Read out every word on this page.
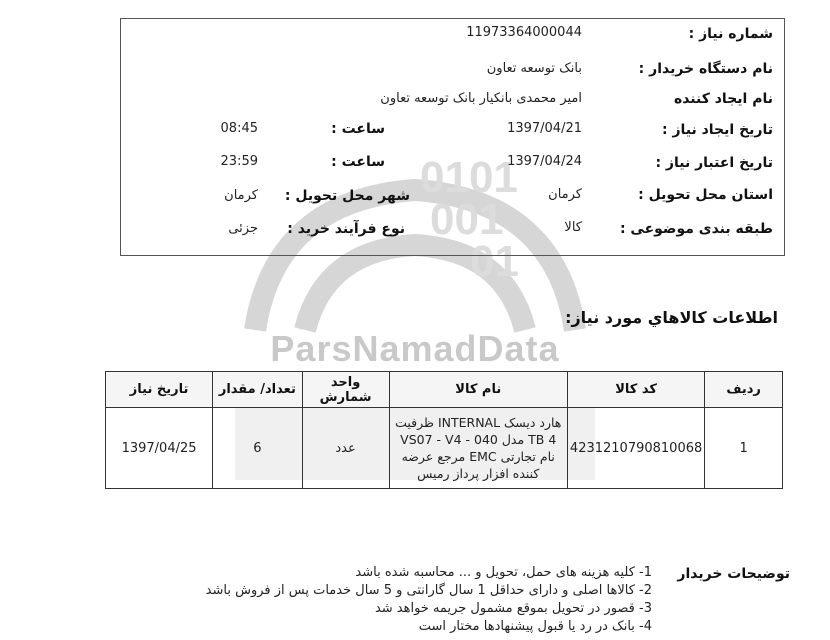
0101
001
01
ParsNamadData
شماره نیاز :
11973364000044
نام دستگاه خریدار :
بانک توسعه تعاون
نام ایجاد کننده
امیر محمدی بانکیار بانک توسعه تعاون
تاریخ ایجاد نیاز :
1397/04/21
ساعت :
08:45
تاریخ اعتبار نیاز :
1397/04/24
ساعت :
23:59
استان محل تحویل :
کرمان
شهر محل تحویل :
کرمان
طبقه بندی موضوعی :
کالا
نوع فرآیند خرید :
جزئی
اطلاعات کالاهاي مورد نياز:
ردیف	کد کالا	نام کالا	واحد شمارش	تعداد/ مقدار	تاریخ نیاز
1	4231210790810068	هارد دیسک INTERNAL ظرفیت 4 TB مدل 040 - VS07 - V4 نام تجارتی EMC مرجع عرضه کننده افزار پرداز رمیس	عدد	6	1397/04/25
توضیحات خریدار
1- کلیه هزینه های حمل، تحویل و ... محاسبه شده باشد
2- کالاها اصلی و دارای حداقل 1 سال گارانتی و 5 سال خدمات پس از فروش باشد
3- قصور در تحویل بموقع مشمول جریمه خواهد شد
4- بانک در رد یا قبول پیشنهادها مختار است
